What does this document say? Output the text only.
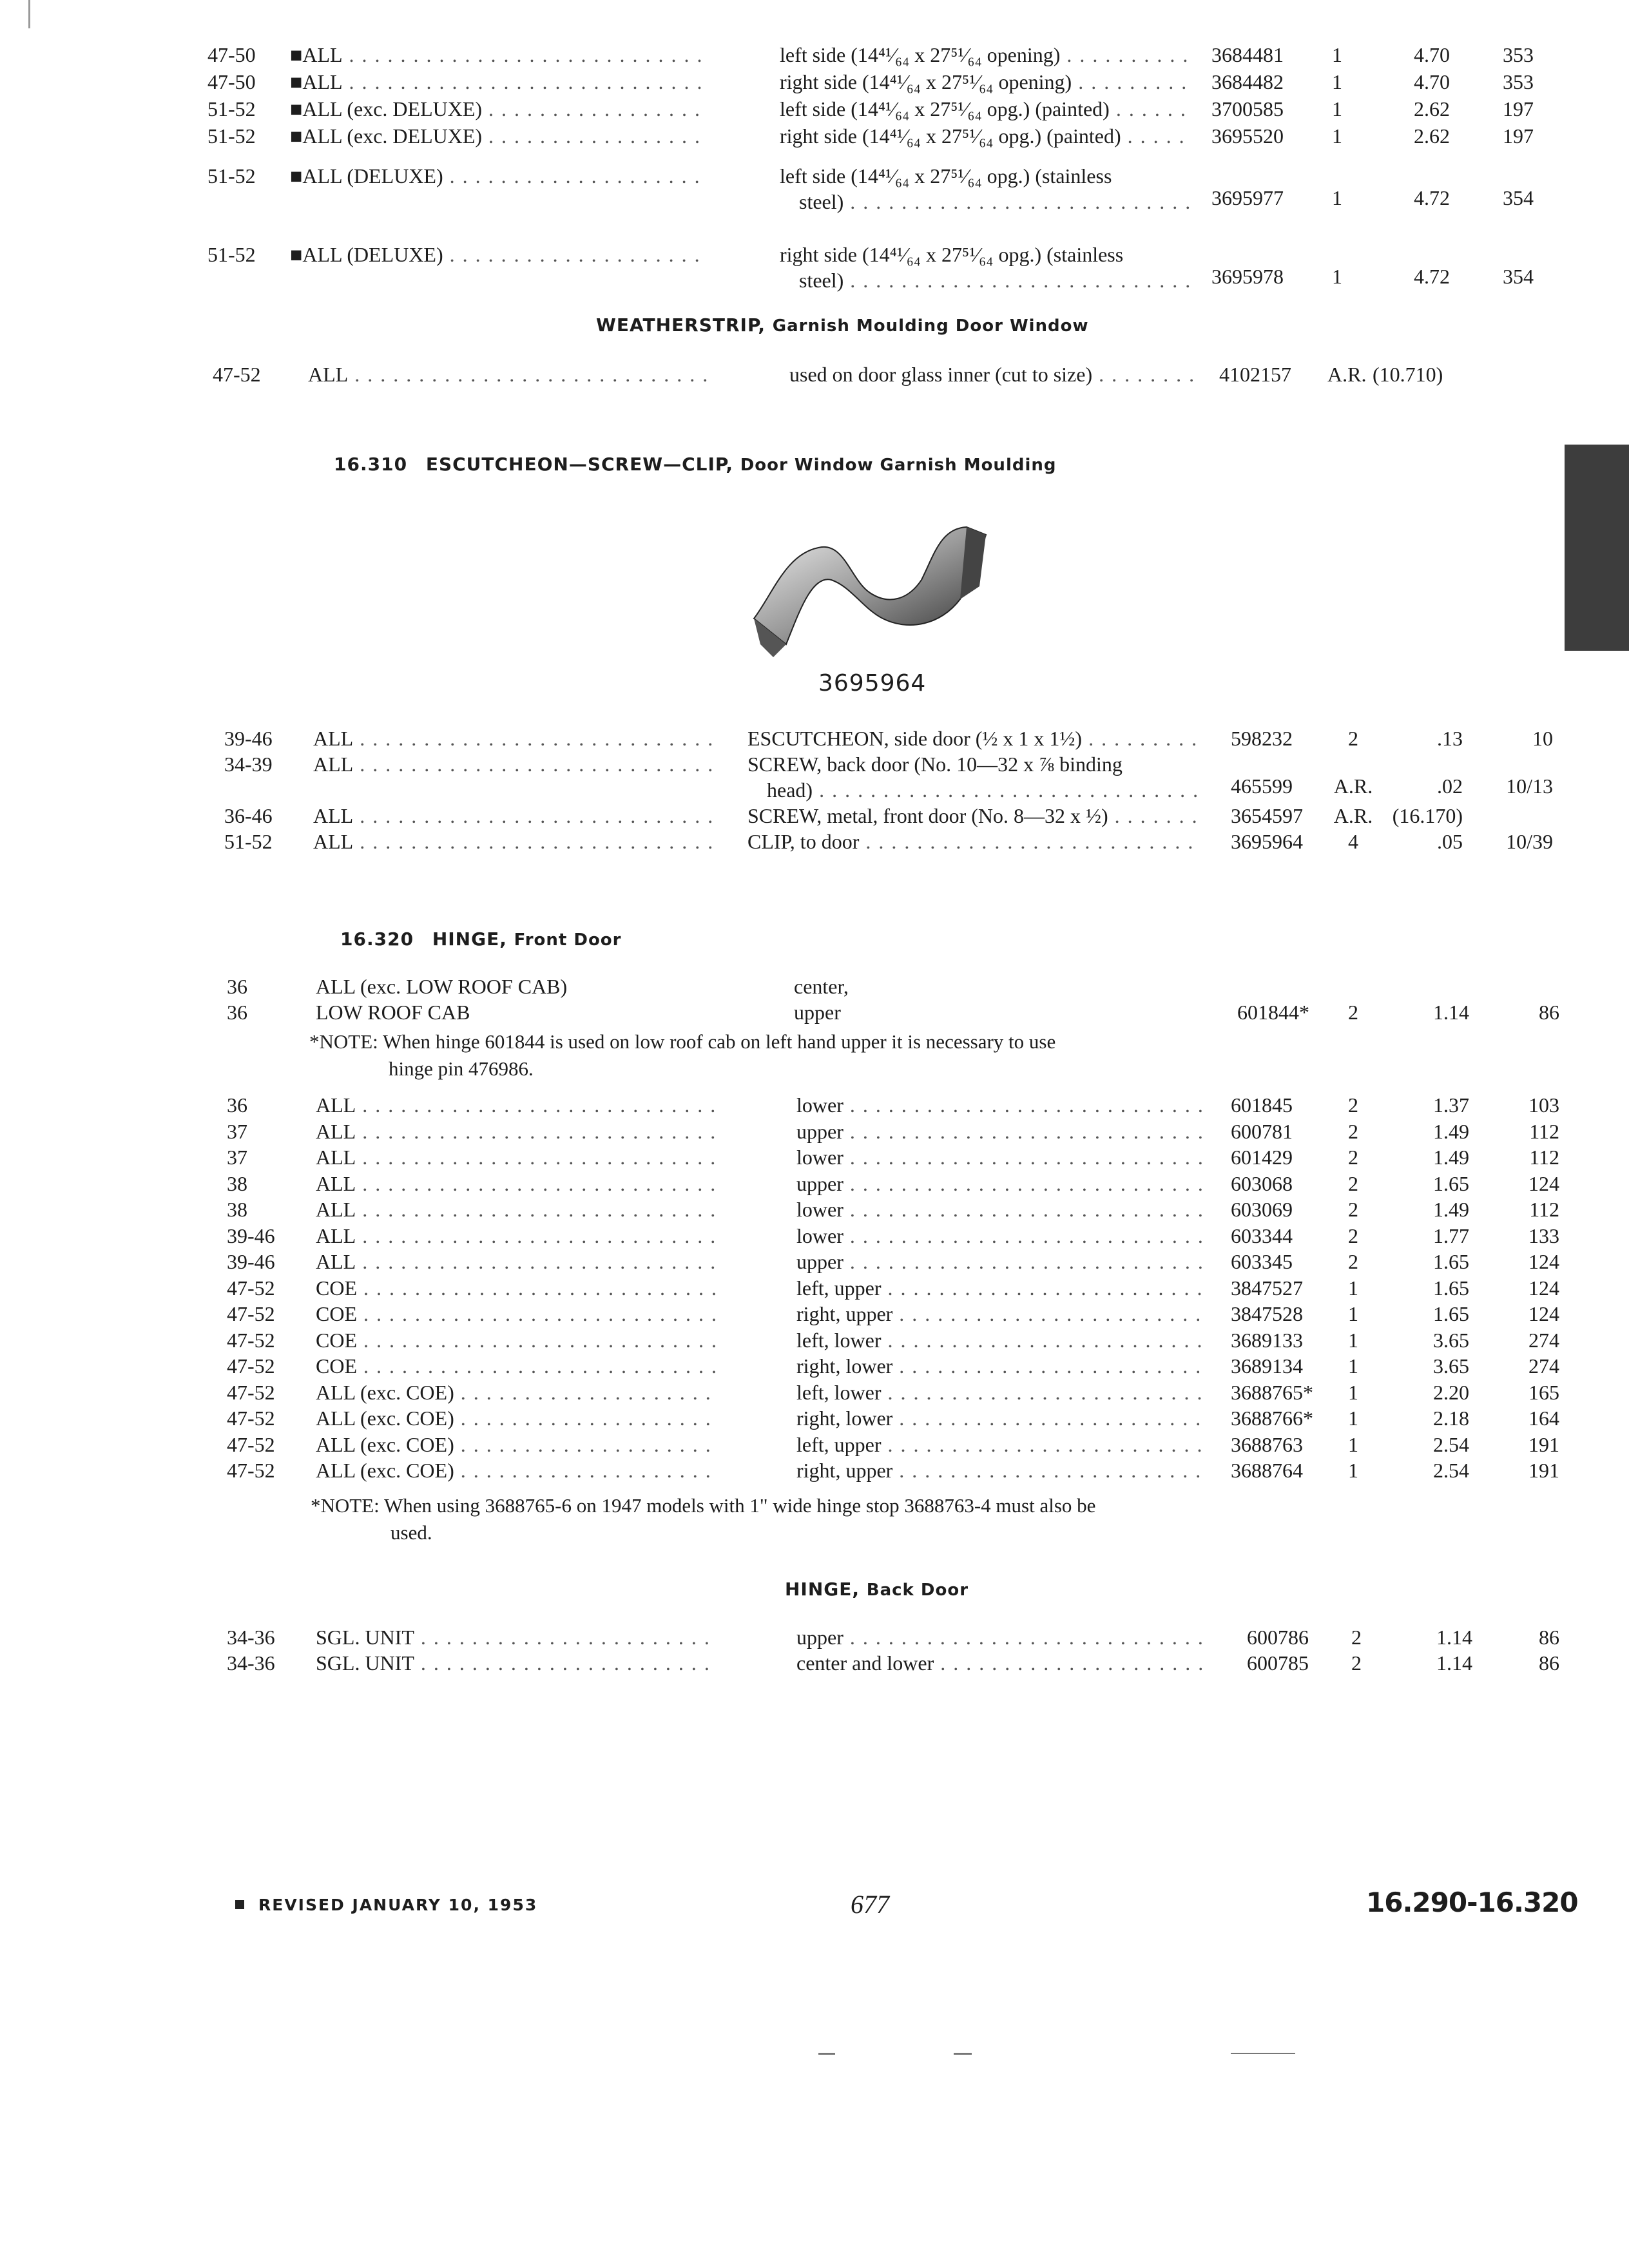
47-50	■ALL . . .	left side (14⁴¹⁄₆₄ x 27⁵¹⁄₆₄ opening) . . .	3684481	1	4.70	353
47-50	■ALL . . .	right side (14⁴¹⁄₆₄ x 27⁵¹⁄₆₄ opening) . . .	3684482	1	4.70	353
51-52	■ALL (exc. DELUXE) . . .	left side (14⁴¹⁄₆₄ x 27⁵¹⁄₆₄ opg.) (painted) . . .	3700585	1	2.62	197
51-52	■ALL (exc. DELUXE) . . .	right side (14⁴¹⁄₆₄ x 27⁵¹⁄₆₄ opg.) (painted) . . .	3695520	1	2.62	197
51-52	■ALL (DELUXE) . . .	left side (14⁴¹⁄₆₄ x 27⁵¹⁄₆₄ opg.) (stainless
steel) . . .	3695977	1	4.72	354
51-52	■ALL (DELUXE) . . .	right side (14⁴¹⁄₆₄ x 27⁵¹⁄₆₄ opg.) (stainless
steel) . . .	3695978	1	4.72	354
WEATHERSTRIP, Garnish Moulding Door Window
47-52	ALL . . .	used on door glass inner (cut to size) . . .	4102157	A.R. (10.710)
16.310 ESCUTCHEON—SCREW—CLIP, Door Window Garnish Moulding
3695964
39-46	ALL . . .	ESCUTCHEON, side door (½ x 1 x 1½) . . .	598232	2	.13	10
34-39	ALL . . .	SCREW, back door (No. 10—32 x ⅞ binding
head) . . .	465599	A.R.	.02	10/13
36-46	ALL . . .	SCREW, metal, front door (No. 8—32 x ½) . . .	3654597	A.R. (16.170)
51-52	ALL . . .	CLIP, to door . . .	3695964	4	.05	10/39
16.320 HINGE, Front Door
36	ALL (exc. LOW ROOF CAB)	center,
36	LOW ROOF CAB	upper	601844*	2	1.14	86
*NOTE: When hinge 601844 is used on low roof cab on left hand upper it is necessary to use
hinge pin 476986.
36	ALL . . .	lower . . .	601845	2	1.37	103
37	ALL . . .	upper . . .	600781	2	1.49	112
37	ALL . . .	lower . . .	601429	2	1.49	112
38	ALL . . .	upper . . .	603068	2	1.65	124
38	ALL . . .	lower . . .	603069	2	1.49	112
39-46	ALL . . .	lower . . .	603344	2	1.77	133
39-46	ALL . . .	upper . . .	603345	2	1.65	124
47-52	COE . . .	left, upper . . .	3847527	1	1.65	124
47-52	COE . . .	right, upper . . .	3847528	1	1.65	124
47-52	COE . . .	left, lower . . .	3689133	1	3.65	274
47-52	COE . . .	right, lower . . .	3689134	1	3.65	274
47-52	ALL (exc. COE) . . .	left, lower . . .	3688765*	1	2.20	165
47-52	ALL (exc. COE) . . .	right, lower . . .	3688766*	1	2.18	164
47-52	ALL (exc. COE) . . .	left, upper . . .	3688763	1	2.54	191
47-52	ALL (exc. COE) . . .	right, upper . . .	3688764	1	2.54	191
*NOTE: When using 3688765-6 on 1947 models with 1" wide hinge stop 3688763-4 must also be
used.
HINGE, Back Door
34-36	SGL. UNIT . . .	upper . . .	600786	2	1.14	86
34-36	SGL. UNIT . . .	center and lower . . .	600785	2	1.14	86
REVISED JANUARY 10, 1953	677	16.290-16.320
